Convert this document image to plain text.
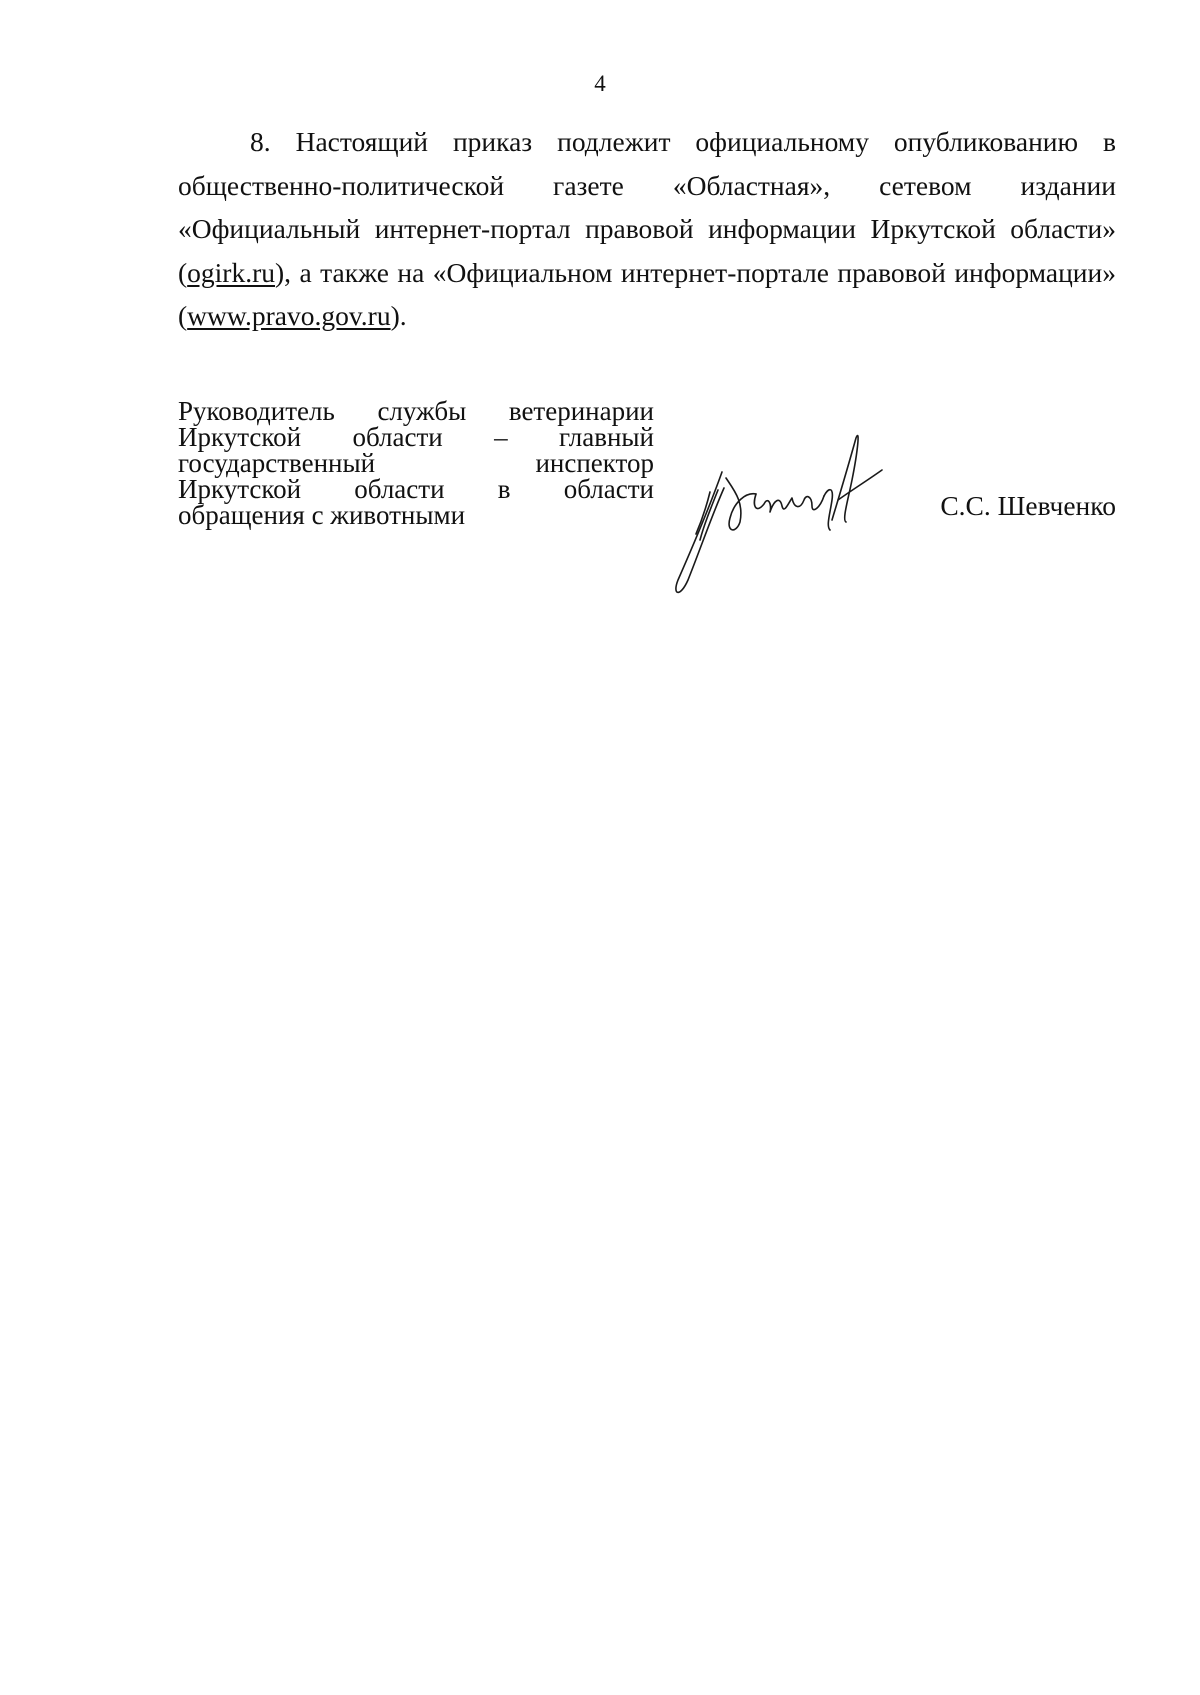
4

8. Настоящий приказ подлежит официальному опубликованию в общественно-политической газете «Областная», сетевом издании «Официальный интернет-портал правовой информации Иркутской области» (ogirk.ru), а также на «Официальном интернет-портале правовой информации» (www.pravo.gov.ru).

Руководитель службы ветеринарии
Иркутской области – главный
государственный инспектор
Иркутской области в области
обращения с животными	С.С. Шевченко
